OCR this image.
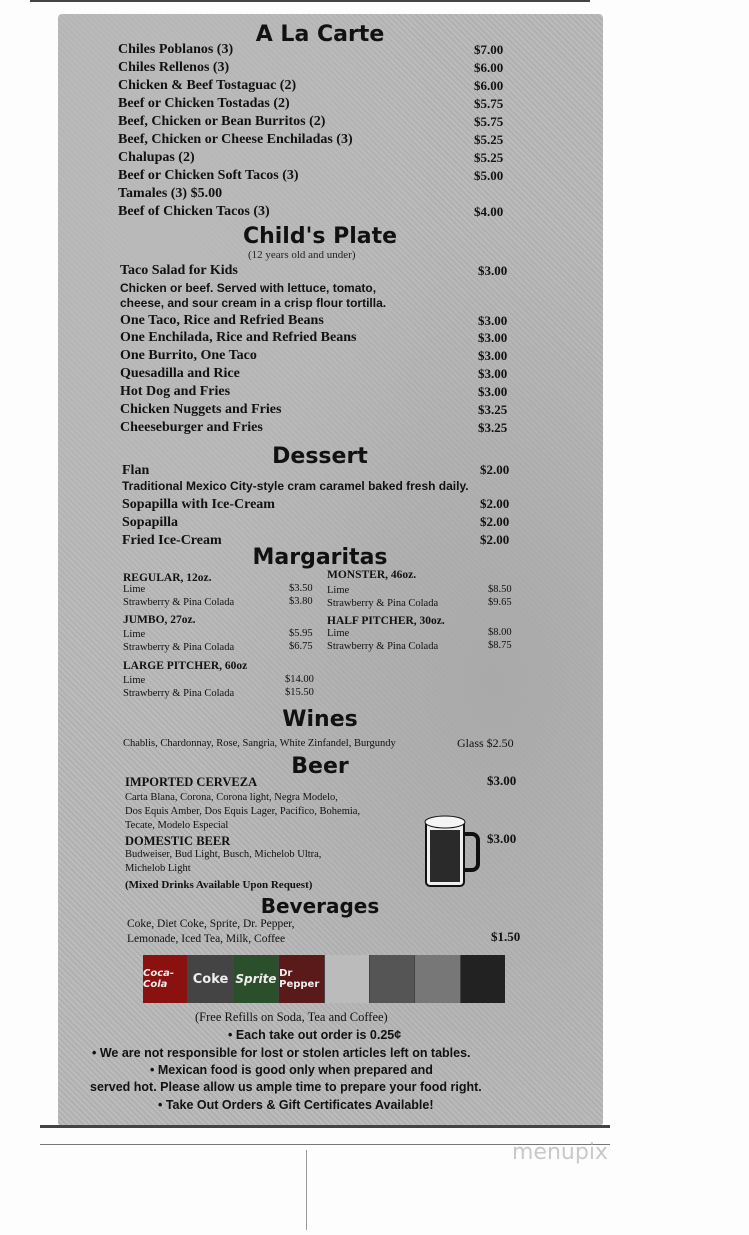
A La Carte
Chiles Poblanos (3)	$7.00
Chiles Rellenos (3)	$6.00
Chicken & Beef Tostaguac (2)	$6.00
Beef or Chicken Tostadas (2)	$5.75
Beef, Chicken or Bean Burritos (2)	$5.75
Beef, Chicken or Cheese Enchiladas (3)	$5.25
Chalupas (2)	$5.25
Beef or Chicken Soft Tacos (3)	$5.00
Tamales (3) $5.00
Beef of Chicken Tacos (3)	$4.00
Child's Plate
(12 years old and under)
Taco Salad for Kids	$3.00
Chicken or beef. Served with lettuce, tomato,
cheese, and sour cream in a crisp flour tortilla.
One Taco, Rice and Refried Beans	$3.00
One Enchilada, Rice and Refried Beans	$3.00
One Burrito, One Taco	$3.00
Quesadilla and Rice	$3.00
Hot Dog and Fries	$3.00
Chicken Nuggets and Fries	$3.25
Cheeseburger and Fries	$3.25
Dessert
Flan	$2.00
Traditional Mexico City-style cram caramel baked fresh daily.
Sopapilla with Ice-Cream	$2.00
Sopapilla	$2.00
Fried Ice-Cream	$2.00
Margaritas
REGULAR, 12oz.
Lime	$3.50
Strawberry & Pina Colada	$3.80
JUMBO, 27oz.
Lime	$5.95
Strawberry & Pina Colada	$6.75
LARGE PITCHER, 60oz
Lime	$14.00
Strawberry & Pina Colada	$15.50
MONSTER, 46oz.
Lime	$8.50
Strawberry & Pina Colada	$9.65
HALF PITCHER, 30oz.
Lime	$8.00
Strawberry & Pina Colada	$8.75
Wines
Chablis, Chardonnay, Rose, Sangria, White Zinfandel, Burgundy	Glass $2.50
Beer
IMPORTED CERVEZA	$3.00
Carta Blana, Corona, Corona light, Negra Modelo,
Dos Equis Amber, Dos Equis Lager, Pacifico, Bohemia,
Tecate, Modelo Especial
DOMESTIC BEER	$3.00
Budweiser, Bud Light, Busch, Michelob Ultra,
Michelob Light
(Mixed Drinks Available Upon Request)
Beverages
Coke, Diet Coke, Sprite, Dr. Pepper,
Lemonade, Iced Tea, Milk, Coffee	$1.50
Coca-Cola	Coke Sprite Dr Pepper
(Free Refills on Soda, Tea and Coffee)
• Each take out order is 0.25¢
• We are not responsible for lost or stolen articles left on tables.
• Mexican food is good only when prepared and
served hot. Please allow us ample time to prepare your food right.
• Take Out Orders & Gift Certificates Available!
menupix
